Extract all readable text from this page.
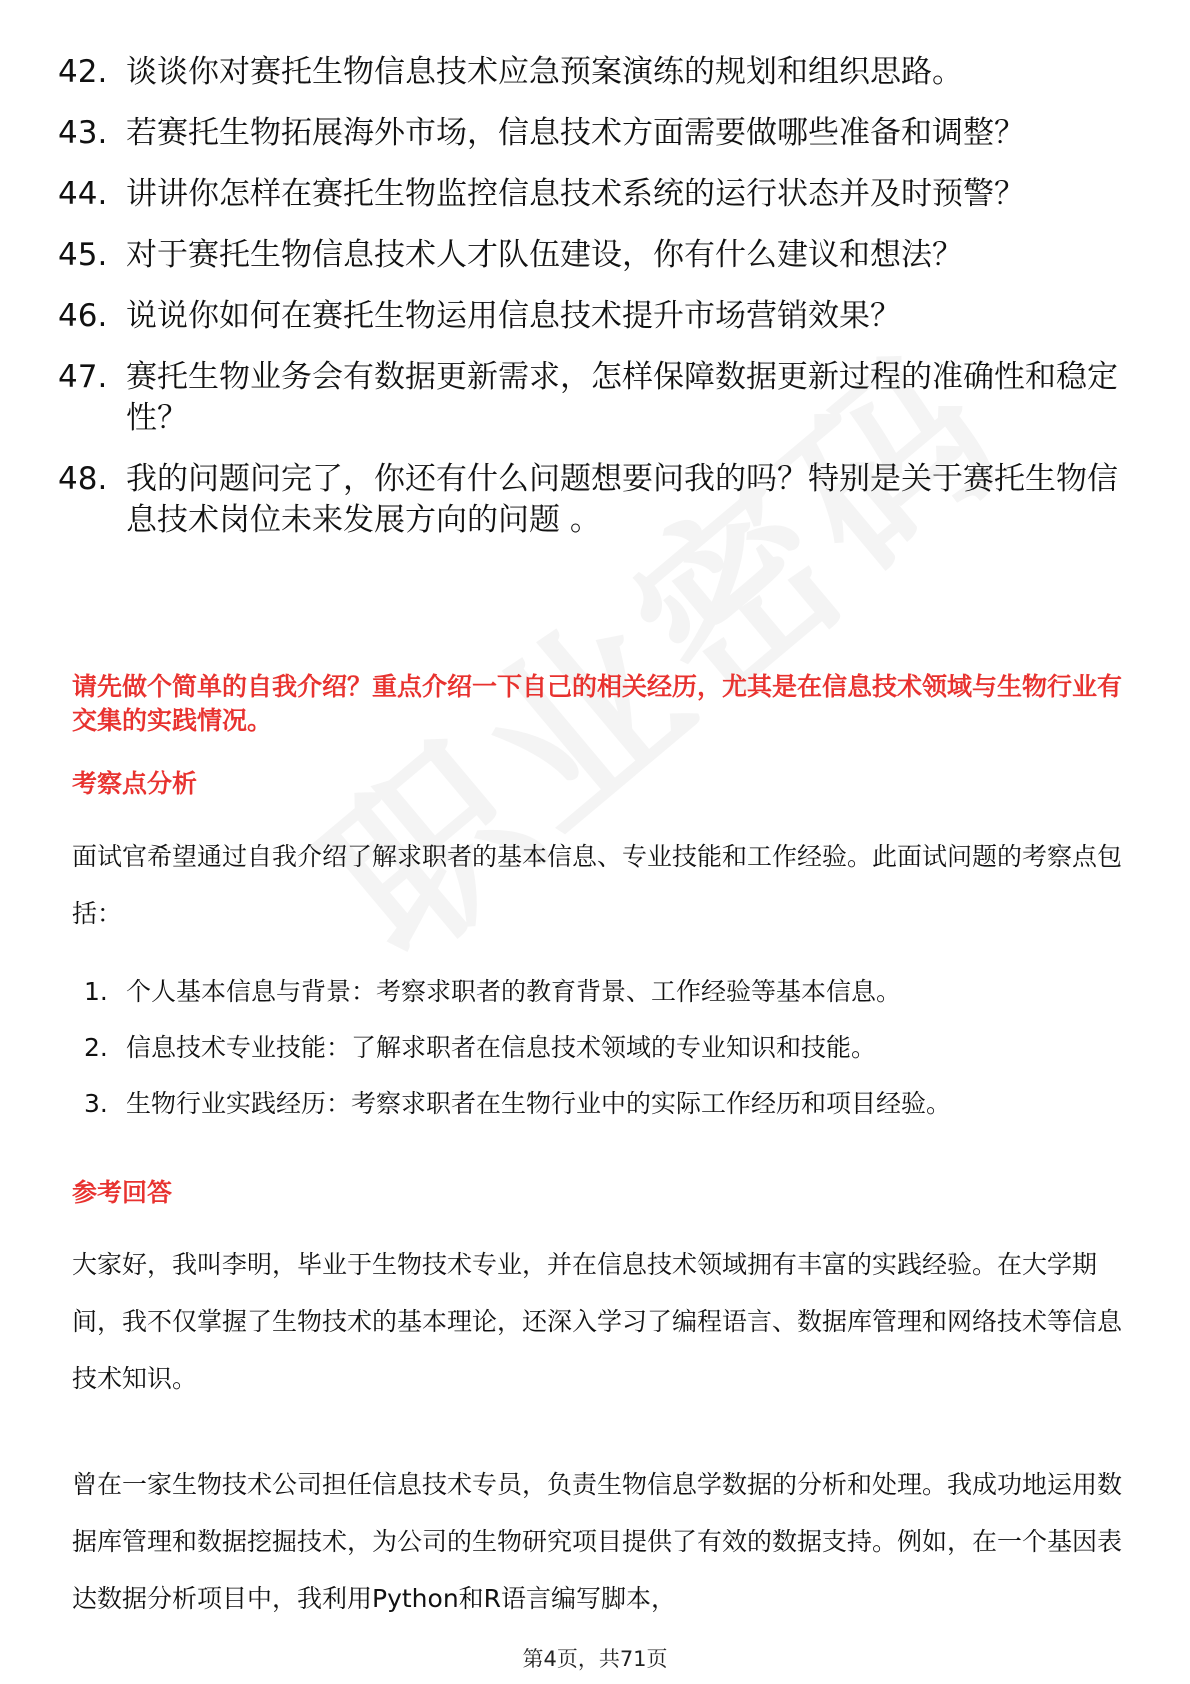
42. 谈谈你对赛托生物信息技术应急预案演练的规划和组织思路。
43. 若赛托生物拓展海外市场，信息技术方面需要做哪些准备和调整？
44. 讲讲你怎样在赛托生物监控信息技术系统的运行状态并及时预警？
45. 对于赛托生物信息技术人才队伍建设，你有什么建议和想法？
46. 说说你如何在赛托生物运用信息技术提升市场营销效果？
47. 赛托生物业务会有数据更新需求，怎样保障数据更新过程的准确性和稳定性？
48. 我的问题问完了，你还有什么问题想要问我的吗？特别是关于赛托生物信息技术岗位未来发展方向的问题 。
请先做个简单的自我介绍？重点介绍一下自己的相关经历，尤其是在信息技术领域与生物行业有交集的实践情况。
考察点分析
面试官希望通过自我介绍了解求职者的基本信息、专业技能和工作经验。此面试问题的考察点包括：
1. 个人基本信息与背景：考察求职者的教育背景、工作经验等基本信息。
2. 信息技术专业技能：了解求职者在信息技术领域的专业知识和技能。
3. 生物行业实践经历：考察求职者在生物行业中的实际工作经历和项目经验。
参考回答
大家好，我叫李明，毕业于生物技术专业，并在信息技术领域拥有丰富的实践经验。在大学期间，我不仅掌握了生物技术的基本理论，还深入学习了编程语言、数据库管理和网络技术等信息技术知识。
曾在一家生物技术公司担任信息技术专员，负责生物信息学数据的分析和处理。我成功地运用数据库管理和数据挖掘技术，为公司的生物研究项目提供了有效的数据支持。例如，在一个基因表达数据分析项目中，我利用Python和R语言编写脚本，
第4页，共71页
